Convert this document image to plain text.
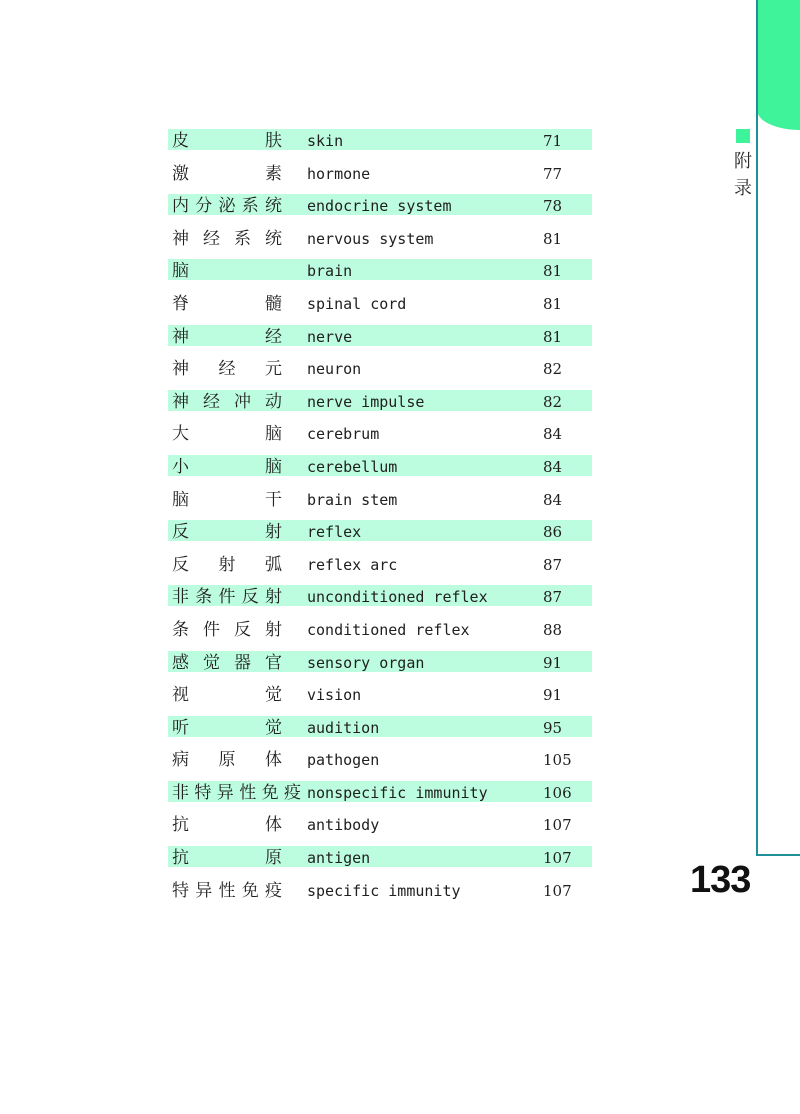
附录
133
皮 肤 skin	71
激 素 hormone	77
内 分 泌 系 统 endocrine system	78
神 经 系 统 nervous system	81
脑	brain	81
脊 髓 spinal cord	81
神 经 nerve	81
神 经 元 neuron	82
神 经 冲 动 nerve impulse	82
大 脑 cerebrum	84
小 脑 cerebellum	84
脑 干 brain stem	84
反 射 reflex	86
反 射 弧 reflex arc	87
非 条 件 反 射 unconditioned reflex	87
条 件 反 射 conditioned reflex	88
感 觉 器 官 sensory organ	91
视 觉 vision	91
听 觉 audition	95
病 原 体 pathogen	105
非 特 异 性 免 疫 nonspecific immunity	106
抗 体 antibody	107
抗 原 antigen	107
特 异 性 免 疫 specific immunity	107
